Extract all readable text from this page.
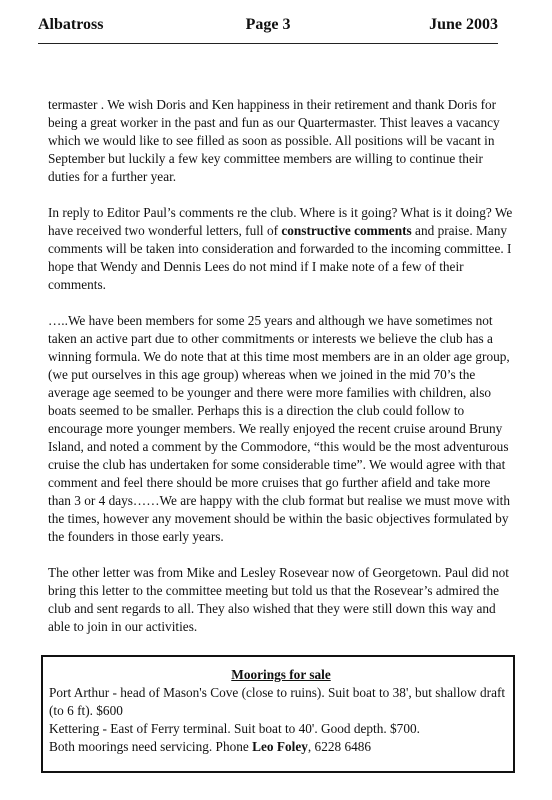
Albatross	Page 3	June 2003

termaster . We wish Doris and Ken happiness in their retirement and thank Doris for being a great worker in the past and fun as our Quartermaster. Thist leaves a vacancy which we would like to see filled as soon as possible. All positions will be vacant in September but luckily a few key committee members are willing to continue their duties for a further year.

In reply to Editor Paul’s comments re the club. Where is it going? What is it doing? We have received two wonderful letters, full of constructive comments and praise. Many comments will be taken into consideration and forwarded to the incoming committee. I hope that Wendy and Dennis Lees do not mind if I make note of a few of their comments.

…..We have been members for some 25 years and although we have sometimes not taken an active part due to other commitments or interests we believe the club has a winning formula. We do note that at this time most members are in an older age group, (we put ourselves in this age group) whereas when we joined in the mid 70’s the average age seemed to be younger and there were more families with children, also boats seemed to be smaller. Perhaps this is a direction the club could follow to encourage more younger members. We really enjoyed the recent cruise around Bruny Island, and noted a comment by the Commodore, “this would be the most adventurous cruise the club has undertaken for some considerable time”. We would agree with that comment and feel there should be more cruises that go further afield and take more than 3 or 4 days……We are happy with the club format but realise we must move with the times, however any movement should be within the basic objectives formulated by the founders in those early years.

The other letter was from Mike and Lesley Rosevear now of Georgetown. Paul did not bring this letter to the committee meeting but told us that the Rosevear’s admired the club and sent regards to all. They also wished that they were still down this way and able to join in our activities.

Moorings for sale
Port Arthur - head of Mason's Cove (close to ruins). Suit boat to 38', but shallow draft (to 6 ft). $600
Kettering - East of Ferry terminal. Suit boat to 40'. Good depth. $700.
Both moorings need servicing. Phone Leo Foley, 6228 6486
